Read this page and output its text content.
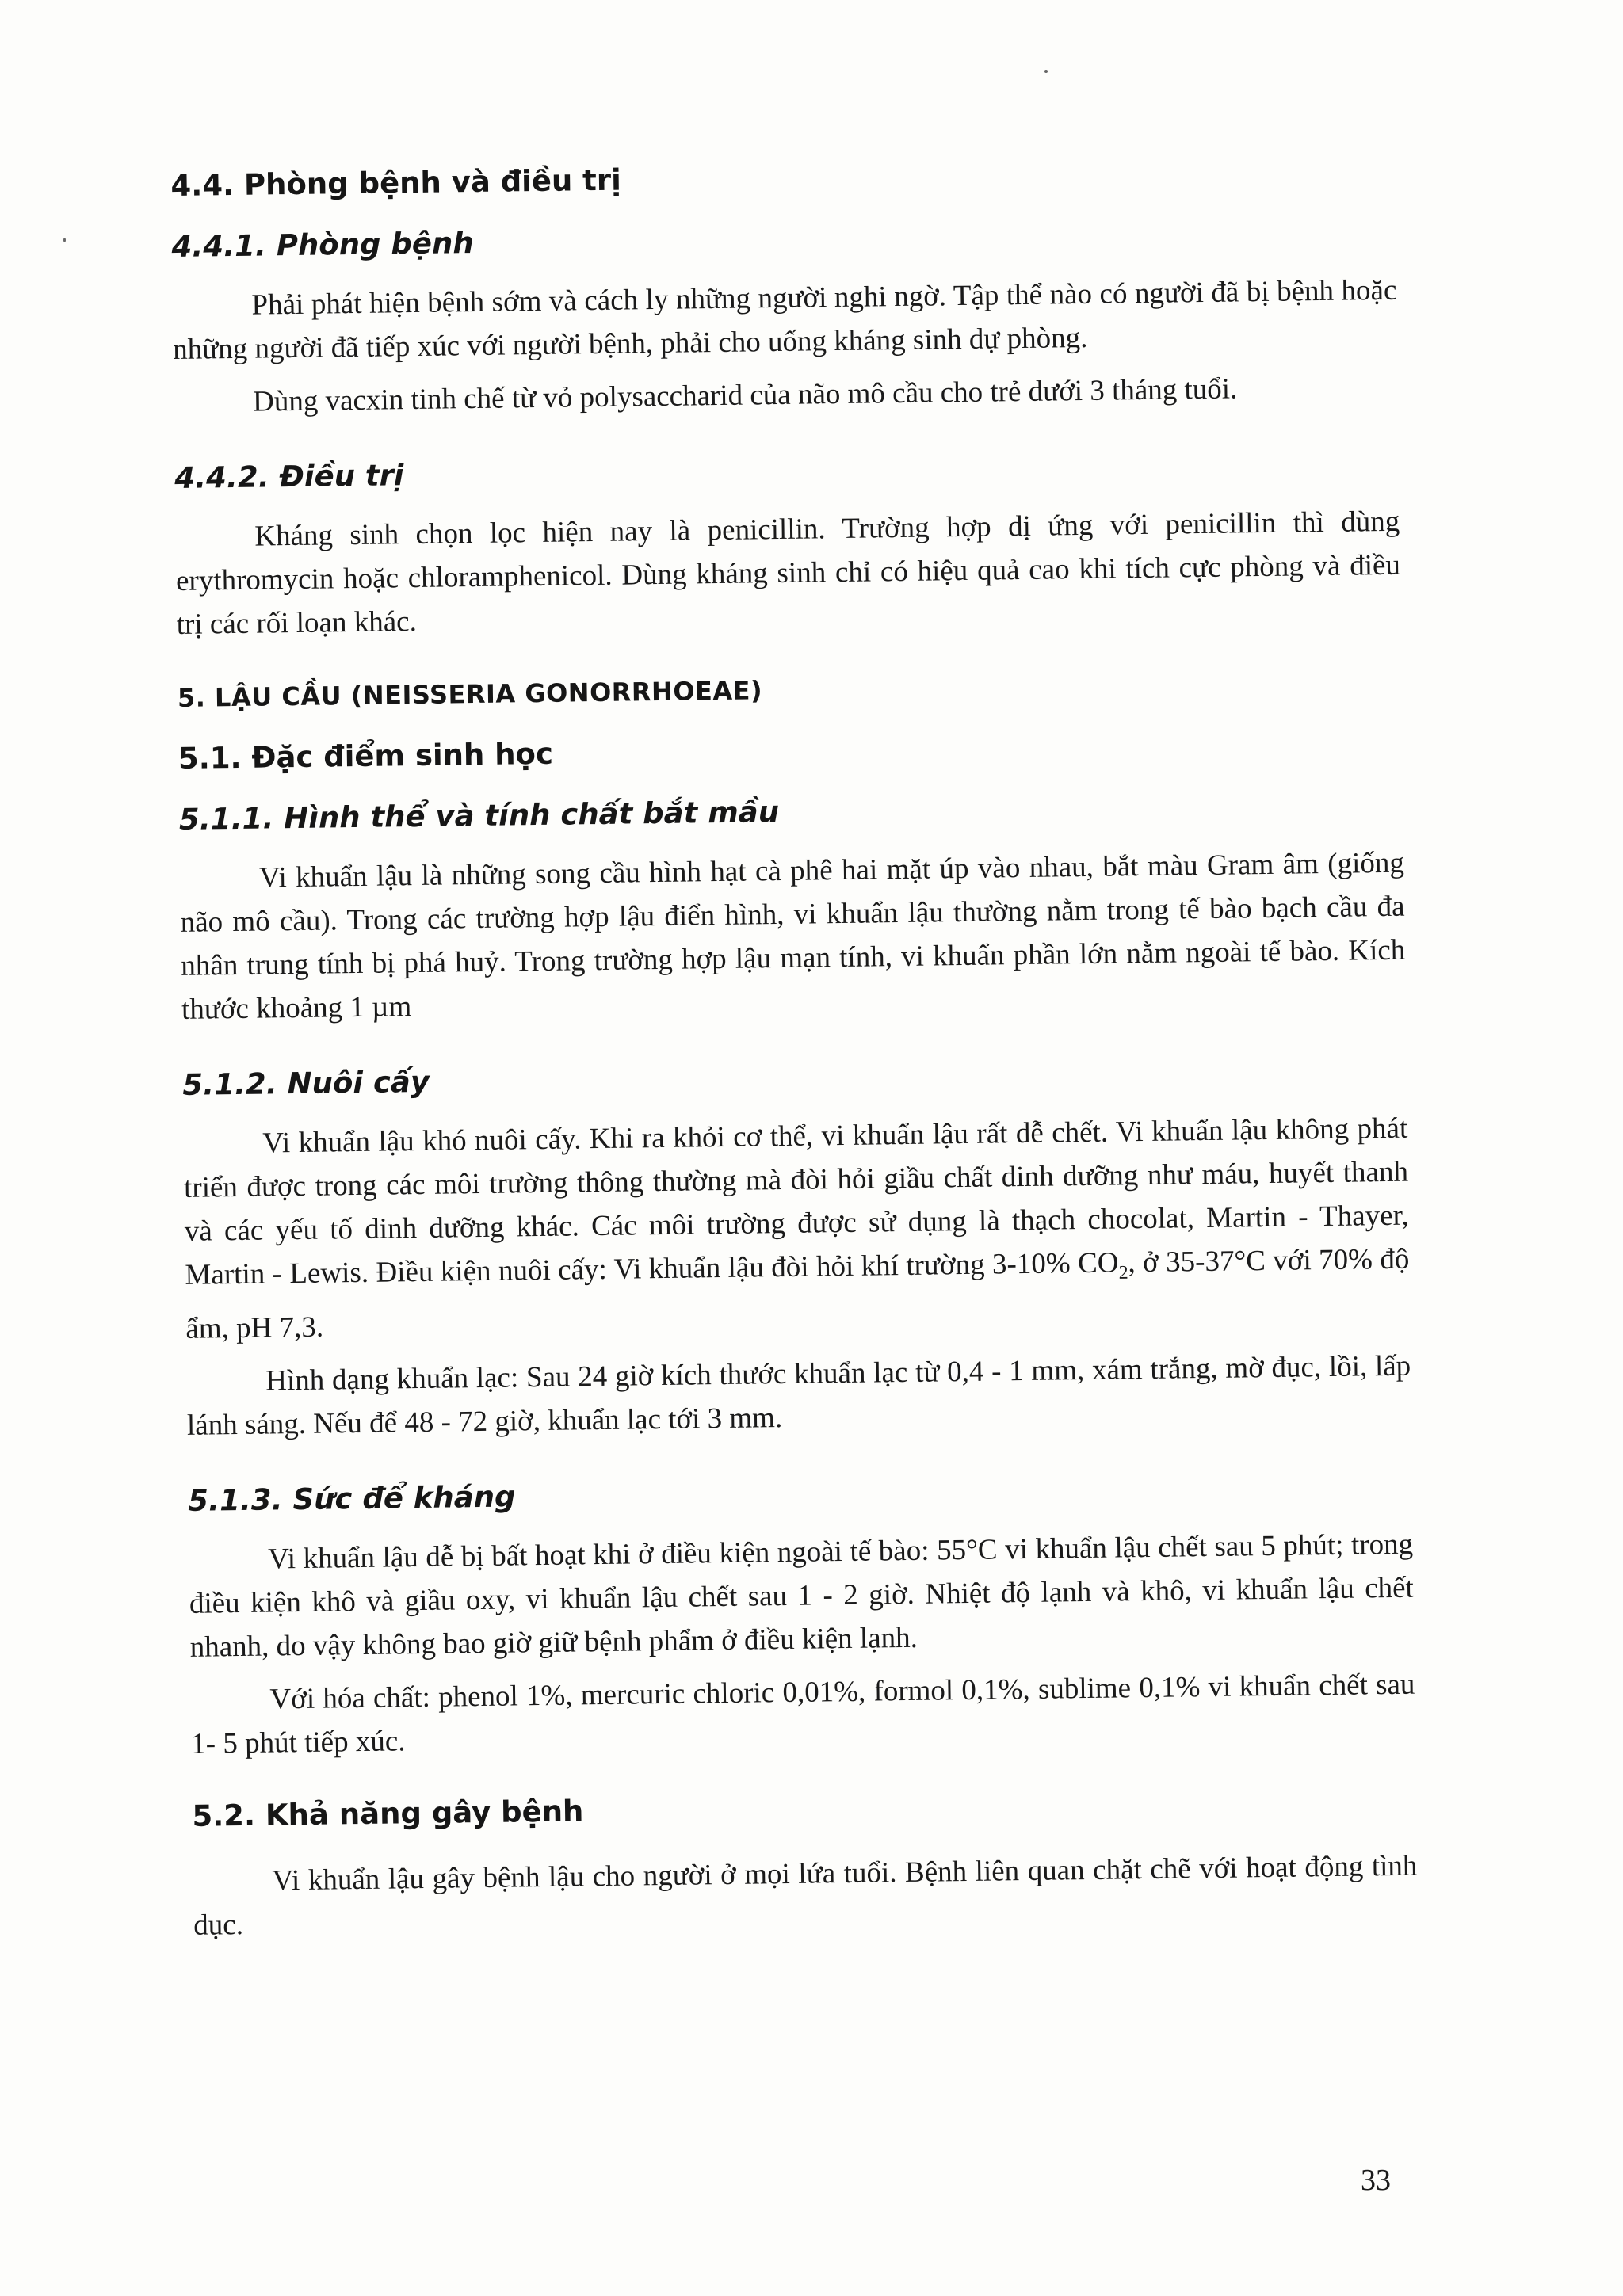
4.4. Phòng bệnh và điều trị
4.4.1. Phòng bệnh

Phải phát hiện bệnh sớm và cách ly những người nghi ngờ. Tập thể nào có người đã bị bệnh hoặc những người đã tiếp xúc với người bệnh, phải cho uống kháng sinh dự phòng.

Dùng vacxin tinh chế từ vỏ polysaccharid của não mô cầu cho trẻ dưới 3 tháng tuổi.

4.4.2. Điều trị

Kháng sinh chọn lọc hiện nay là penicillin. Trường hợp dị ứng với penicillin thì dùng erythromycin hoặc chloramphenicol. Dùng kháng sinh chỉ có hiệu quả cao khi tích cực phòng và điều trị các rối loạn khác.

5. LẬU CẦU (NEISSERIA GONORRHOEAE)
5.1. Đặc điểm sinh học
5.1.1. Hình thể và tính chất bắt mầu

Vi khuẩn lậu là những song cầu hình hạt cà phê hai mặt úp vào nhau, bắt màu Gram âm (giống não mô cầu). Trong các trường hợp lậu điển hình, vi khuẩn lậu thường nằm trong tế bào bạch cầu đa nhân trung tính bị phá huỷ. Trong trường hợp lậu mạn tính, vi khuẩn phần lớn nằm ngoài tế bào. Kích thước khoảng 1 µm

5.1.2. Nuôi cấy

Vi khuẩn lậu khó nuôi cấy. Khi ra khỏi cơ thể, vi khuẩn lậu rất dễ chết. Vi khuẩn lậu không phát triển được trong các môi trường thông thường mà đòi hỏi giầu chất dinh dưỡng như máu, huyết thanh và các yếu tố dinh dưỡng khác. Các môi trường được sử dụng là thạch chocolat, Martin - Thayer, Martin - Lewis. Điều kiện nuôi cấy: Vi khuẩn lậu đòi hỏi khí trường 3-10% $CO_2$, ở 35-37°C với 70% độ ẩm, pH 7,3.

Hình dạng khuẩn lạc: Sau 24 giờ kích thước khuẩn lạc từ 0,4 - 1 mm, xám trắng, mờ đục, lồi, lấp lánh sáng. Nếu để 48 - 72 giờ, khuẩn lạc tới 3 mm.

5.1.3. Sức để kháng

Vi khuẩn lậu dễ bị bất hoạt khi ở điều kiện ngoài tế bào: 55°C vi khuẩn lậu chết sau 5 phút; trong điều kiện khô và giầu oxy, vi khuẩn lậu chết sau 1 - 2 giờ. Nhiệt độ lạnh và khô, vi khuẩn lậu chết nhanh, do vậy không bao giờ giữ bệnh phẩm ở điều kiện lạnh.

Với hóa chất: phenol 1%, mercuric chloric 0,01%, formol 0,1%, sublime 0,1% vi khuẩn chết sau 1- 5 phút tiếp xúc.

5.2. Khả năng gây bệnh

Vi khuẩn lậu gây bệnh lậu cho người ở mọi lứa tuổi. Bệnh liên quan chặt chẽ với hoạt động tình dục.

33
